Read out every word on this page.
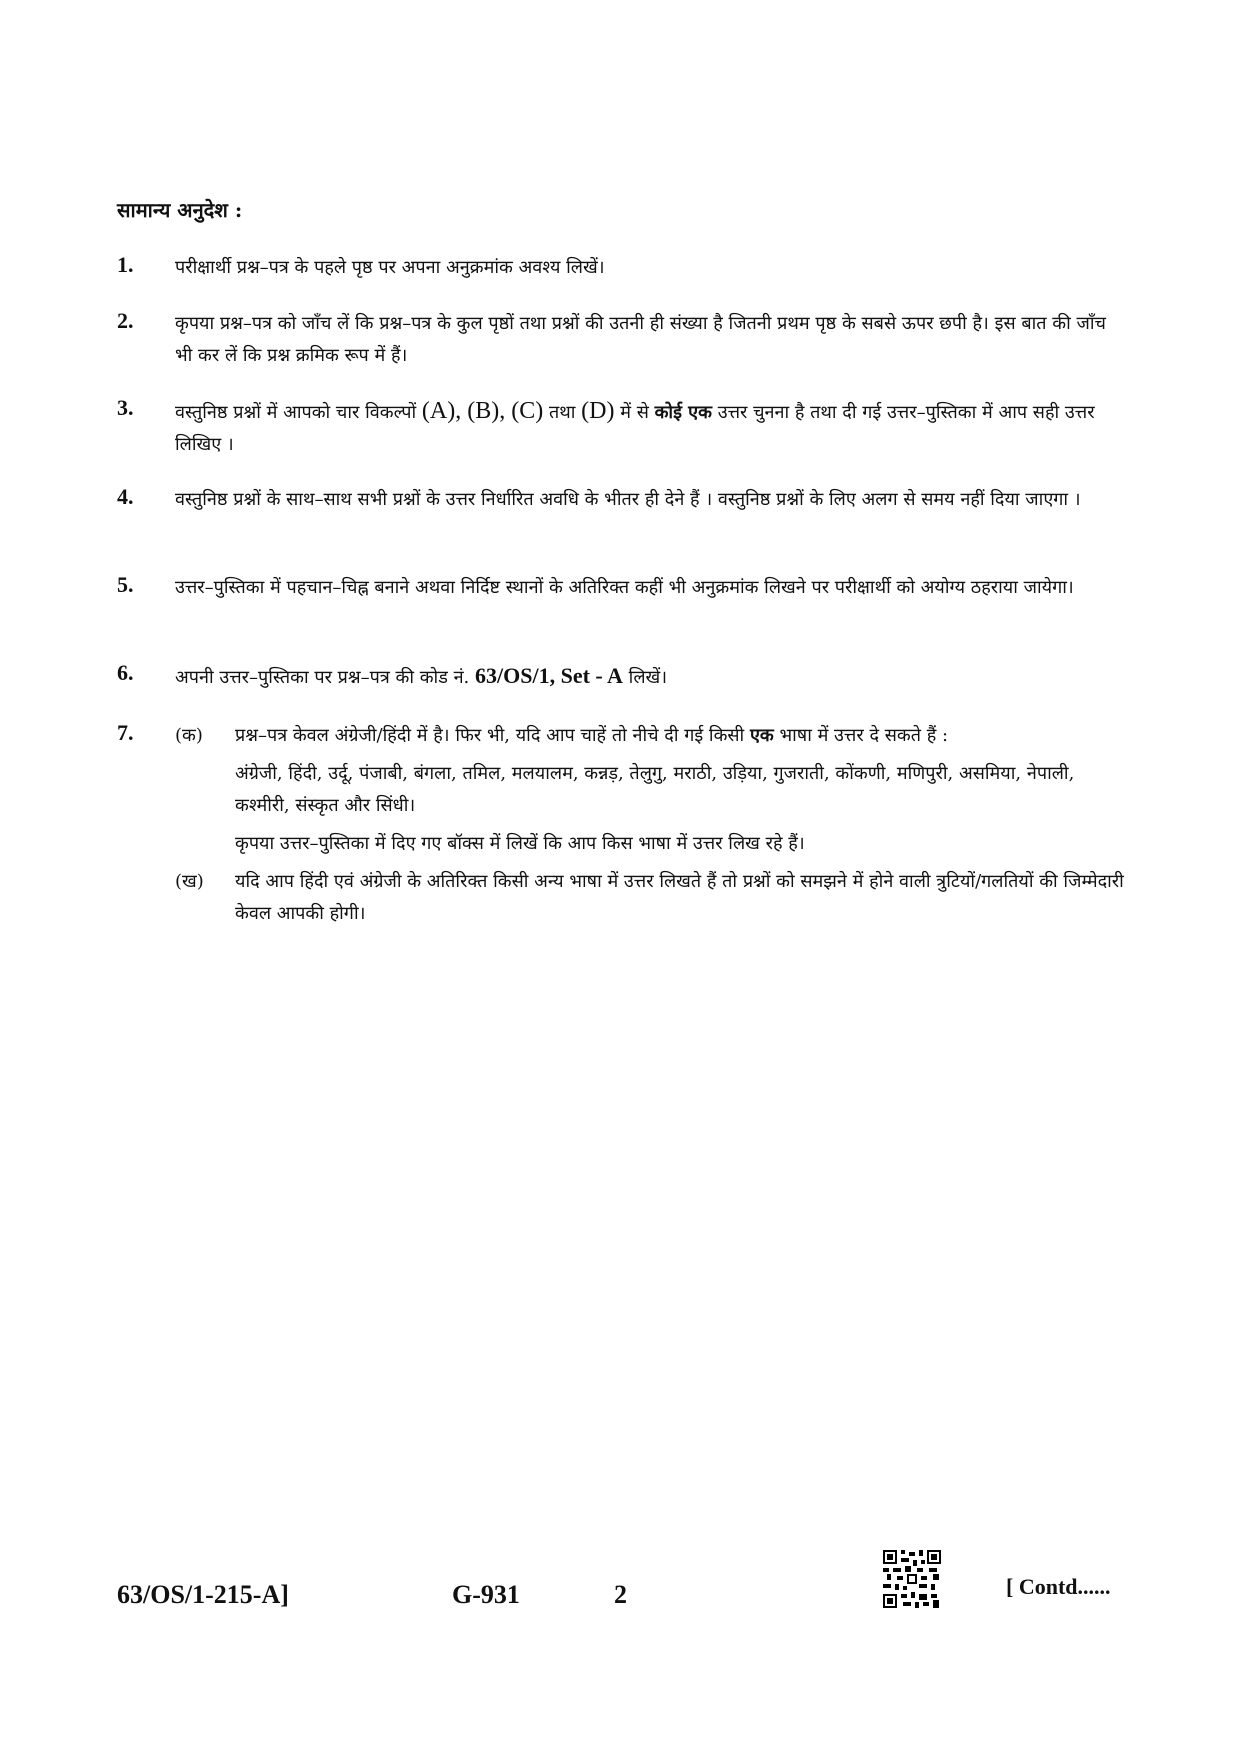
सामान्य अनुदेश :
1. परीक्षार्थी प्रश्न–पत्र के पहले पृष्ठ पर अपना अनुक्रमांक अवश्य लिखें।
2. कृपया प्रश्न–पत्र को जाँच लें कि प्रश्न–पत्र के कुल पृष्ठों तथा प्रश्नों की उतनी ही संख्या है जितनी प्रथम पृष्ठ के सबसे ऊपर छपी है। इस बात की जाँच भी कर लें कि प्रश्न क्रमिक रूप में हैं।
3. वस्तुनिष्ठ प्रश्नों में आपको चार विकल्पों (A), (B), (C) तथा (D) में से कोई एक उत्तर चुनना है तथा दी गई उत्तर–पुस्तिका में आप सही उत्तर लिखिए ।
4. वस्तुनिष्ठ प्रश्नों के साथ–साथ सभी प्रश्नों के उत्तर निर्धारित अवधि के भीतर ही देने हैं । वस्तुनिष्ठ प्रश्नों के लिए अलग से समय नहीं दिया जाएगा ।
5. उत्तर–पुस्तिका में पहचान–चिह्न बनाने अथवा निर्दिष्ट स्थानों के अतिरिक्त कहीं भी अनुक्रमांक लिखने पर परीक्षार्थी को अयोग्य ठहराया जायेगा।
6. अपनी उत्तर–पुस्तिका पर प्रश्न–पत्र की कोड नं. 63/OS/1, Set - A लिखें।
7. (क) प्रश्न–पत्र केवल अंग्रेजी/हिंदी में है। फिर भी, यदि आप चाहें तो नीचे दी गई किसी एक भाषा में उत्तर दे सकते हैं :
अंग्रेजी, हिंदी, उर्दू, पंजाबी, बंगला, तमिल, मलयालम, कन्नड़, तेलुगु, मराठी, उड़िया, गुजराती, कोंकणी, मणिपुरी, असमिया, नेपाली, कश्मीरी, संस्कृत और सिंधी।
कृपया उत्तर–पुस्तिका में दिए गए बॉक्स में लिखें कि आप किस भाषा में उत्तर लिख रहे हैं।
(ख) यदि आप हिंदी एवं अंग्रेजी के अतिरिक्त किसी अन्य भाषा में उत्तर लिखते हैं तो प्रश्नों को समझने में होने वाली त्रुटियों/गलतियों की जिम्मेदारी केवल आपकी होगी।
63/OS/1-215-A]	G-931	2	[ Contd......
